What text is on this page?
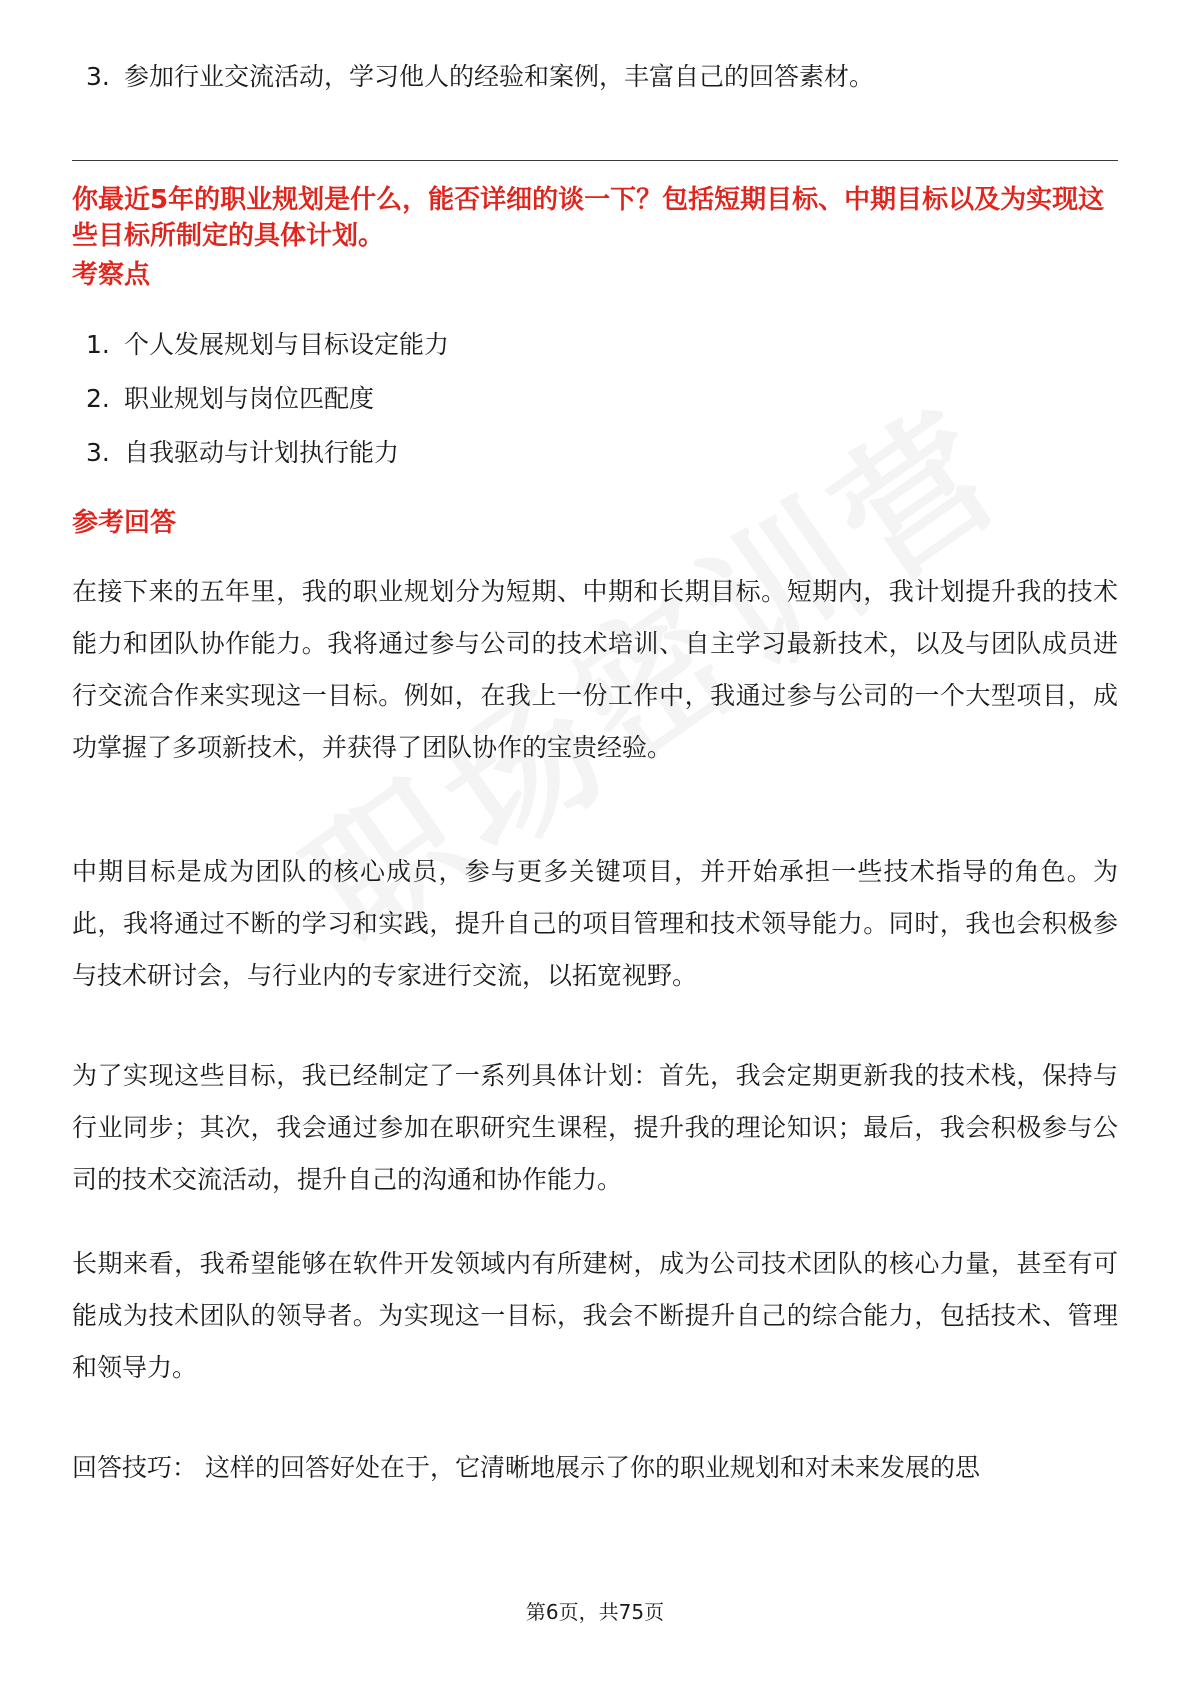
3. 参加行业交流活动，学习他人的经验和案例，丰富自己的回答素材。
你最近5年的职业规划是什么，能否详细的谈一下？包括短期目标、中期目标以及为实现这些目标所制定的具体计划。
考察点
1. 个人发展规划与目标设定能力
2. 职业规划与岗位匹配度
3. 自我驱动与计划执行能力
参考回答

在接下来的五年里，我的职业规划分为短期、中期和长期目标。短期内，我计划提升我的技术能力和团队协作能力。我将通过参与公司的技术培训、自主学习最新技术，以及与团队成员进行交流合作来实现这一目标。例如，在我上一份工作中，我通过参与公司的一个大型项目，成功掌握了多项新技术，并获得了团队协作的宝贵经验。

中期目标是成为团队的核心成员，参与更多关键项目，并开始承担一些技术指导的角色。为此，我将通过不断的学习和实践，提升自己的项目管理和技术领导能力。同时，我也会积极参与技术研讨会，与行业内的专家进行交流，以拓宽视野。

为了实现这些目标，我已经制定了一系列具体计划：首先，我会定期更新我的技术栈，保持与行业同步；其次，我会通过参加在职研究生课程，提升我的理论知识；最后，我会积极参与公司的技术交流活动，提升自己的沟通和协作能力。

长期来看，我希望能够在软件开发领域内有所建树，成为公司技术团队的核心力量，甚至有可能成为技术团队的领导者。为实现这一目标，我会不断提升自己的综合能力，包括技术、管理和领导力。

回答技巧： 这样的回答好处在于，它清晰地展示了你的职业规划和对未来发展的思

第6页，共75页
